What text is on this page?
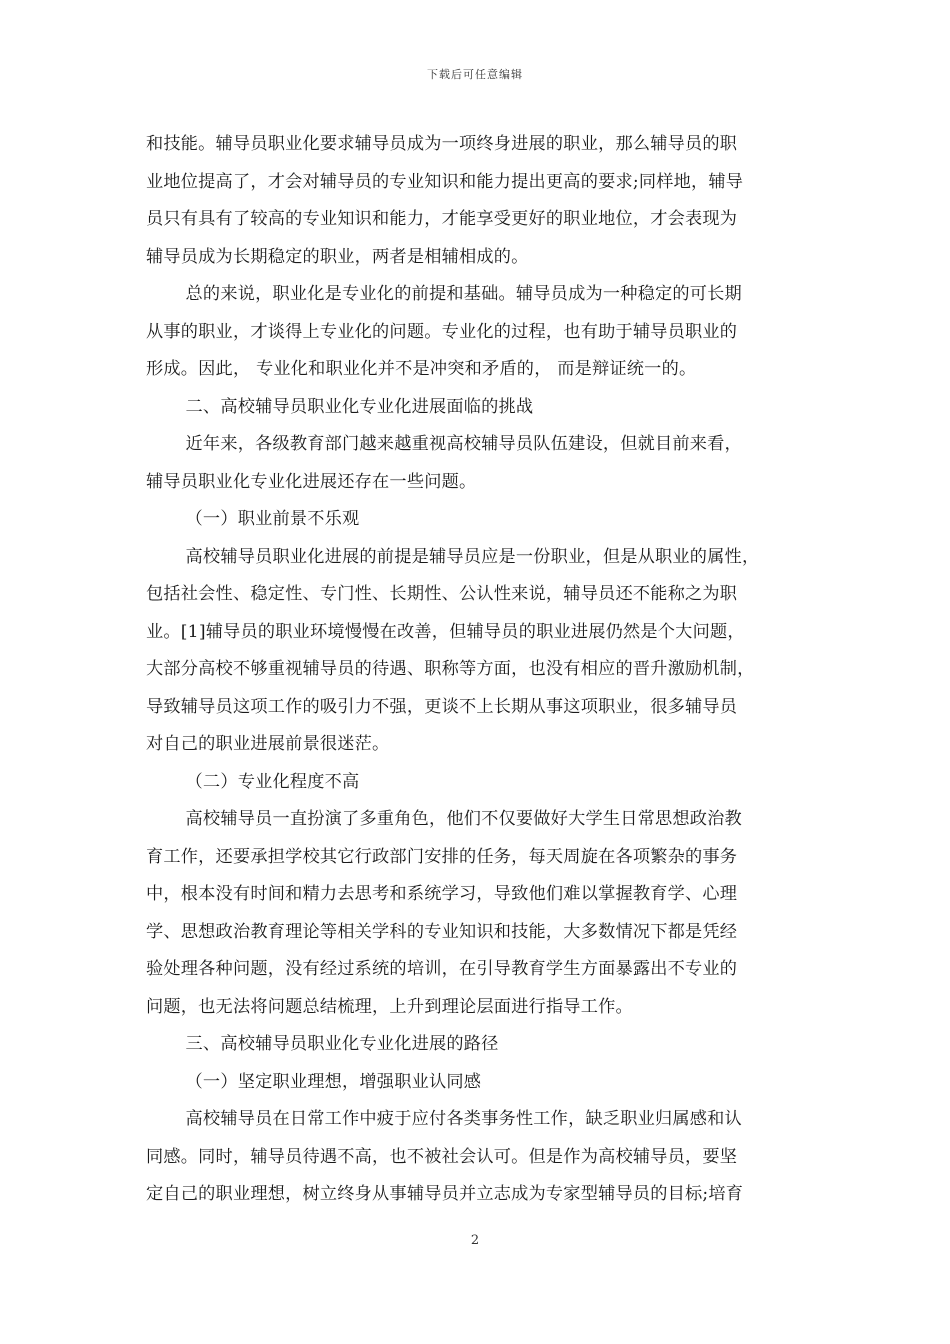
下载后可任意编辑
和技能。辅导员职业化要求辅导员成为一项终身进展的职业，那么辅导员的职
业地位提高了，才会对辅导员的专业知识和能力提出更高的要求;同样地，辅导
员只有具有了较高的专业知识和能力，才能享受更好的职业地位，才会表现为
辅导员成为长期稳定的职业，两者是相辅相成的。
总的来说，职业化是专业化的前提和基础。辅导员成为一种稳定的可长期
从事的职业，才谈得上专业化的问题。专业化的过程，也有助于辅导员职业的
形成。因此， 专业化和职业化并不是冲突和矛盾的， 而是辩证统一的。
二、高校辅导员职业化专业化进展面临的挑战
近年来，各级教育部门越来越重视高校辅导员队伍建设，但就目前来看，
辅导员职业化专业化进展还存在一些问题。
（一）职业前景不乐观
高校辅导员职业化进展的前提是辅导员应是一份职业，但是从职业的属性，
包括社会性、稳定性、专门性、长期性、公认性来说，辅导员还不能称之为职
业。[1]辅导员的职业环境慢慢在改善，但辅导员的职业进展仍然是个大问题，
大部分高校不够重视辅导员的待遇、职称等方面，也没有相应的晋升激励机制，
导致辅导员这项工作的吸引力不强，更谈不上长期从事这项职业，很多辅导员
对自己的职业进展前景很迷茫。
（二）专业化程度不高
高校辅导员一直扮演了多重角色，他们不仅要做好大学生日常思想政治教
育工作，还要承担学校其它行政部门安排的任务，每天周旋在各项繁杂的事务
中，根本没有时间和精力去思考和系统学习，导致他们难以掌握教育学、心理
学、思想政治教育理论等相关学科的专业知识和技能，大多数情况下都是凭经
验处理各种问题，没有经过系统的培训，在引导教育学生方面暴露出不专业的
问题，也无法将问题总结梳理，上升到理论层面进行指导工作。
三、高校辅导员职业化专业化进展的路径
（一）坚定职业理想，增强职业认同感
高校辅导员在日常工作中疲于应付各类事务性工作，缺乏职业归属感和认
同感。同时，辅导员待遇不高，也不被社会认可。但是作为高校辅导员，要坚
定自己的职业理想，树立终身从事辅导员并立志成为专家型辅导员的目标;培育
2
